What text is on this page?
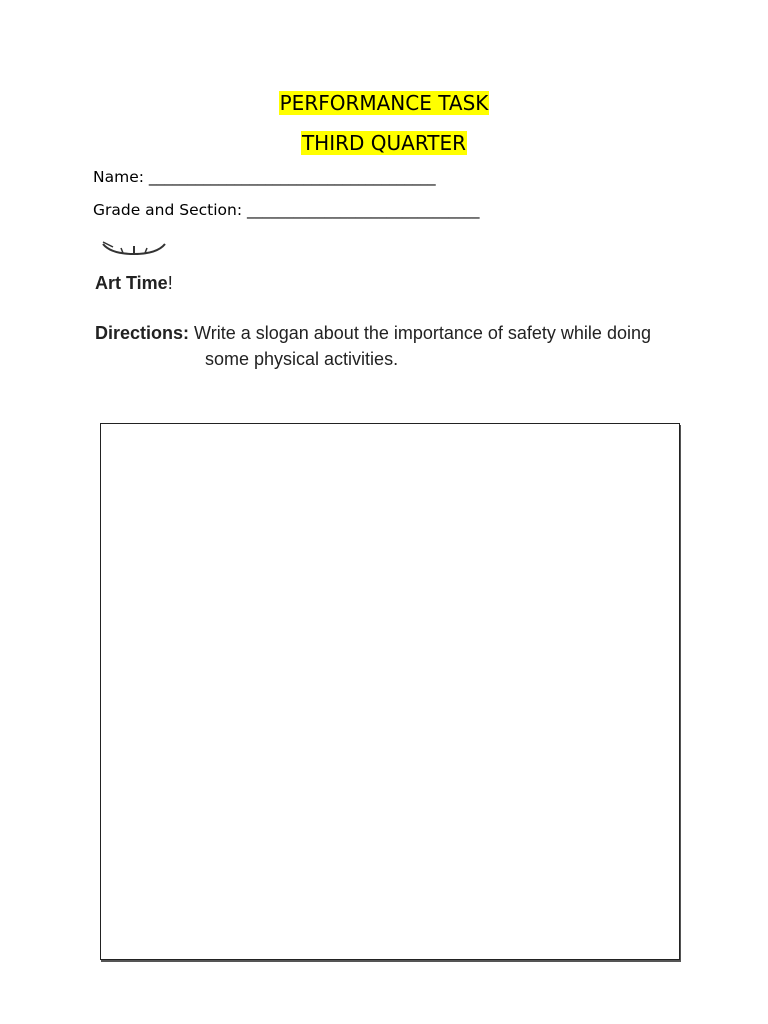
PERFORMANCE TASK
THIRD QUARTER
Name: _____________________________________
Grade and Section: ______________________________
Art Time!
Directions: Write a slogan about the importance of safety while doing
some physical activities.
